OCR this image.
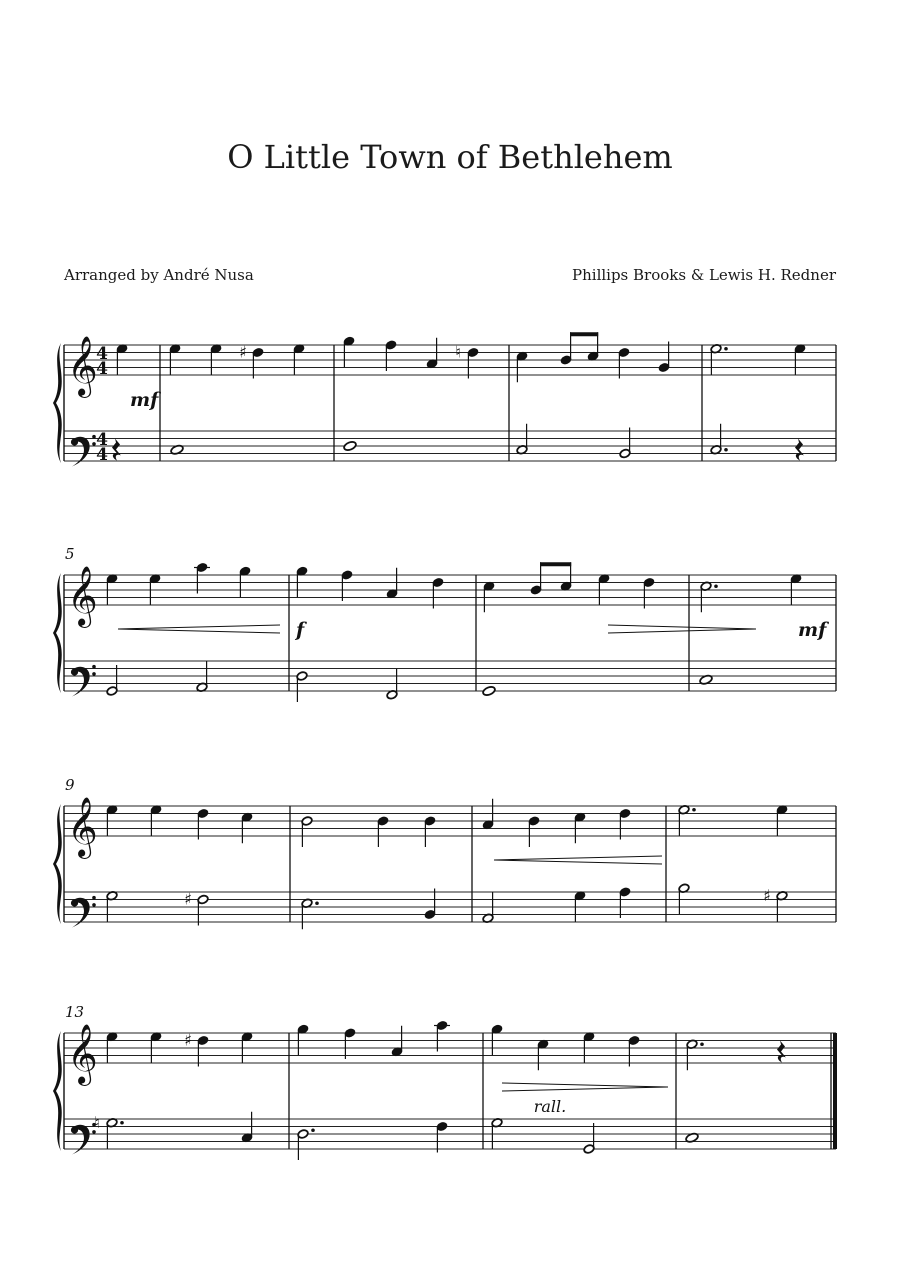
O Little Town of Bethlehem
Arranged by André Nusa	Phillips Brooks & Lewis H. Redner
𝄞
4
4
4
4
♯	♮
mf
𝄞
5
f	mf
𝄞
9
♯	♯
𝄞
13
♯
♮
rall.
